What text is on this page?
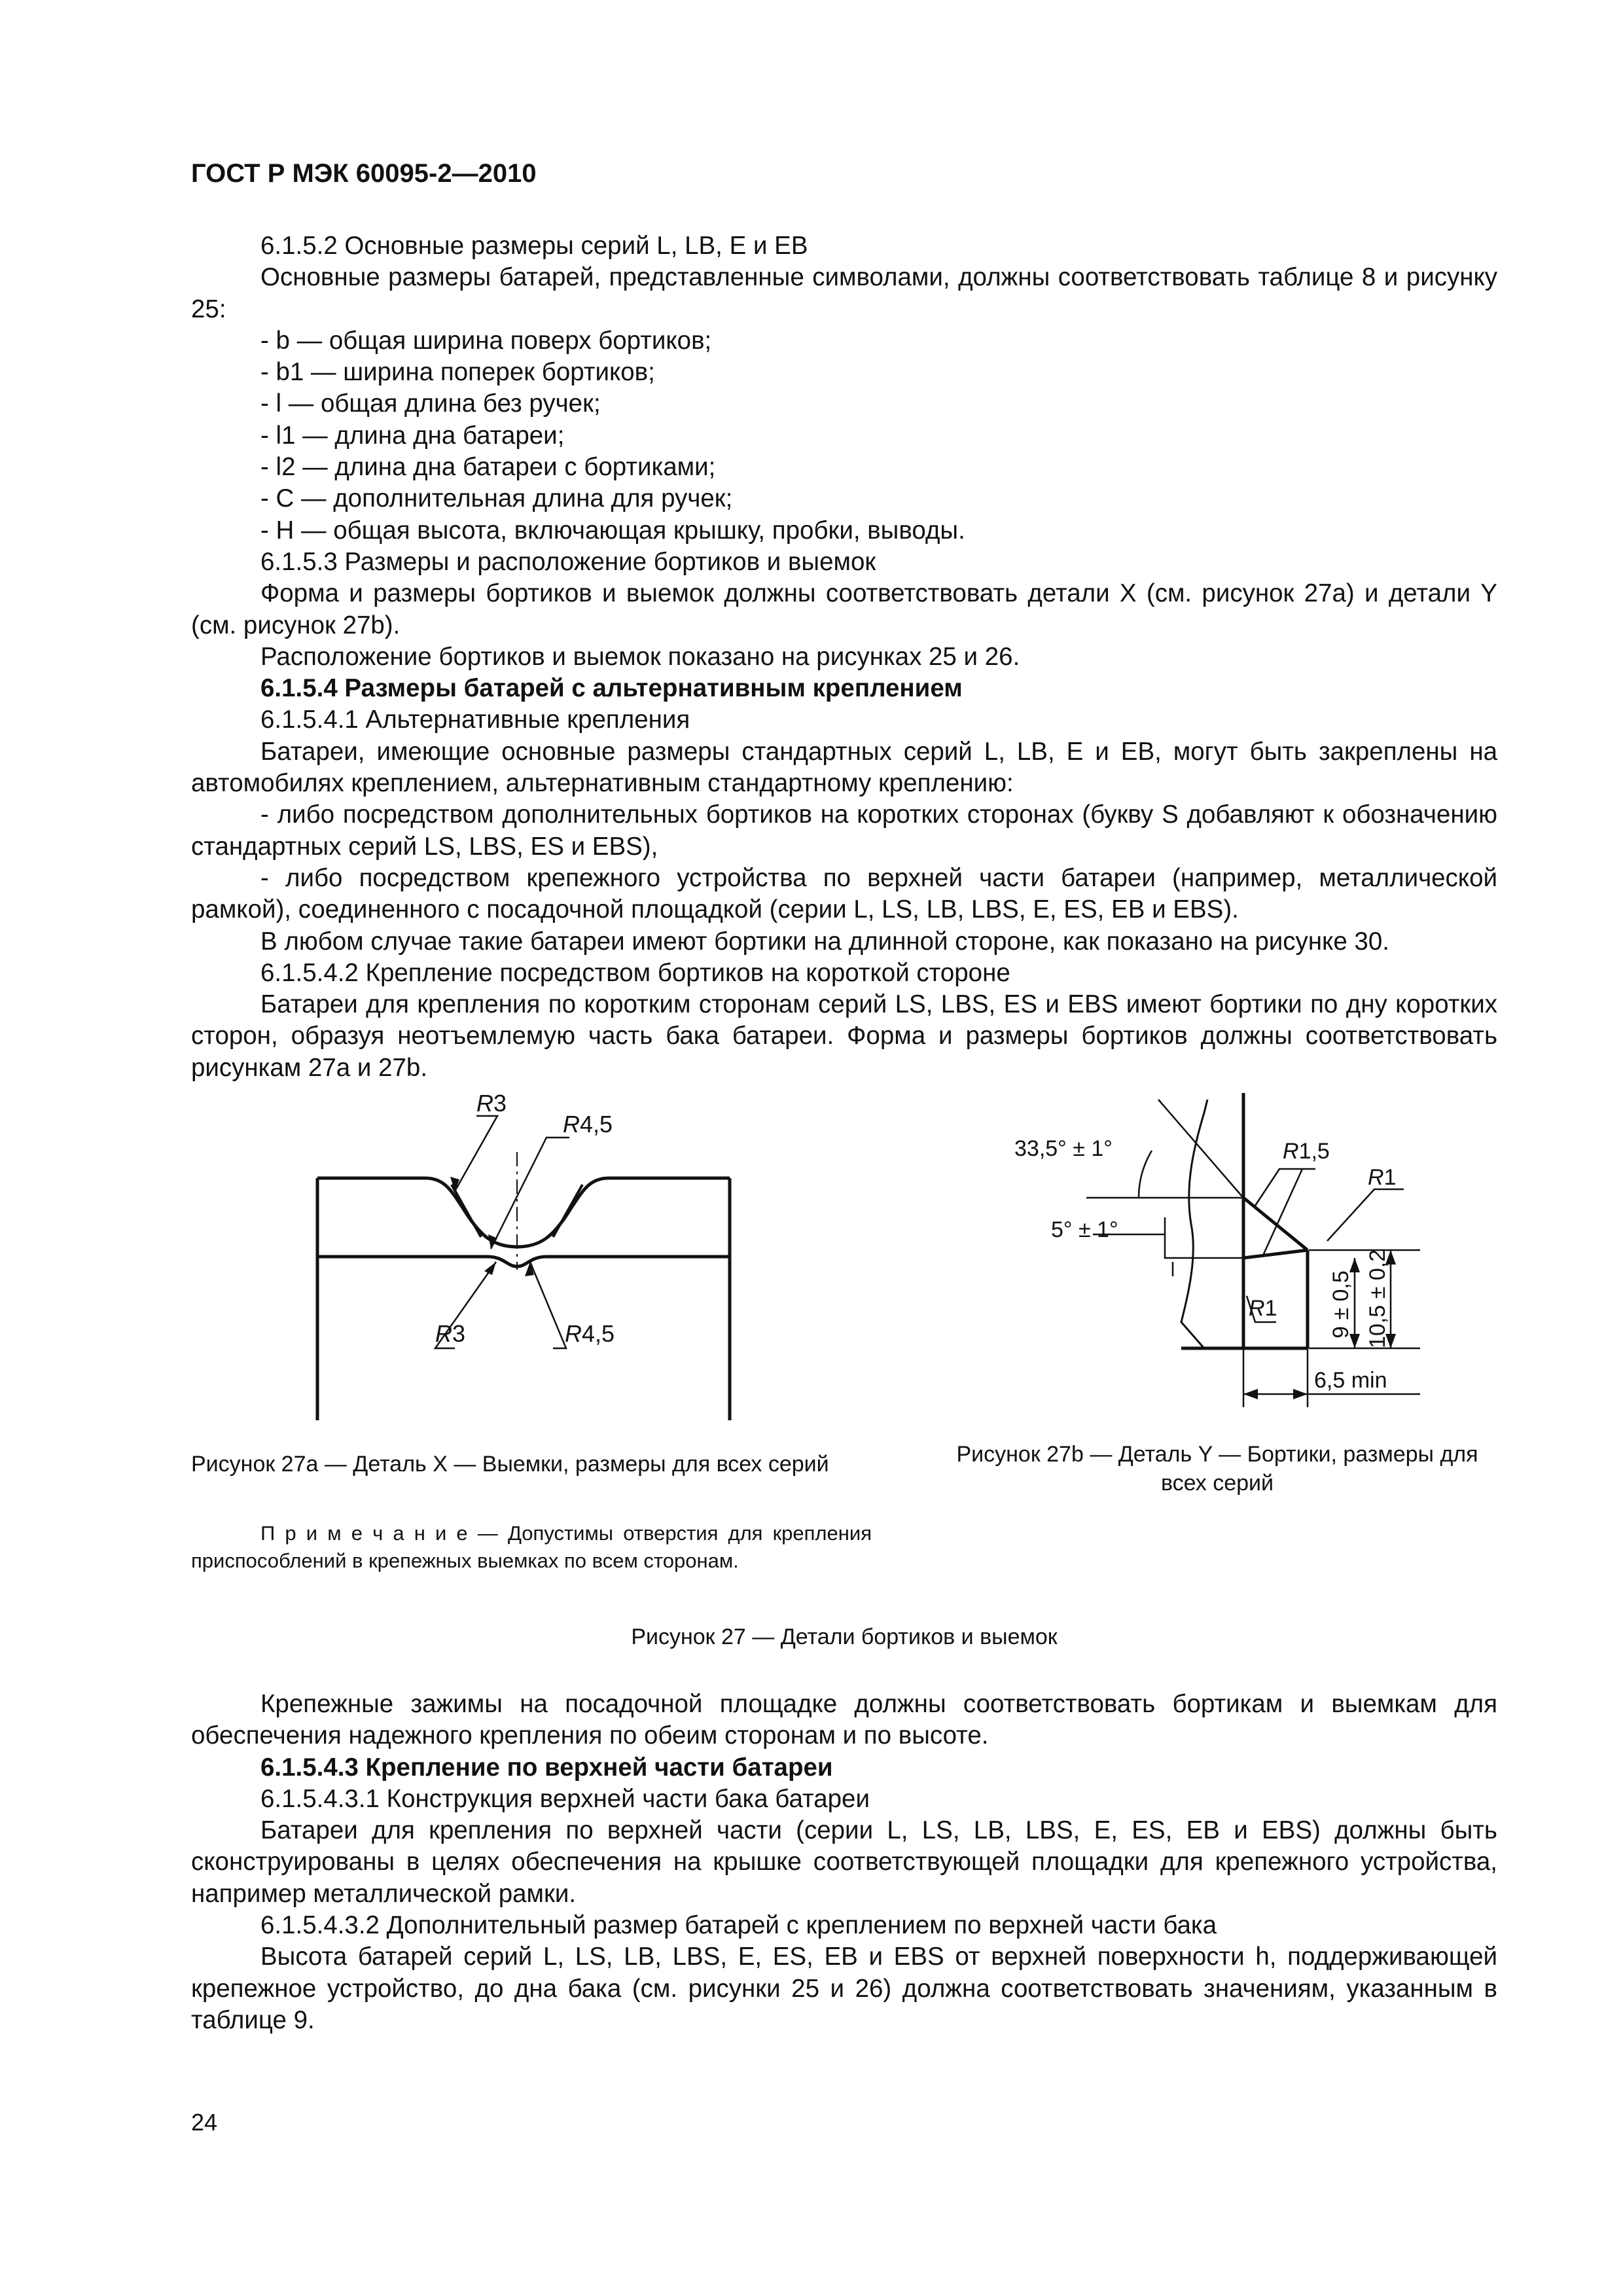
ГОСТ Р МЭК 60095-2—2010

6.1.5.2 Основные размеры серий L, LB, E и EB

Основные размеры батарей, представленные символами, должны соответствовать таблице 8 и рисунку 25:

- b — общая ширина поверх бортиков;

- b1 — ширина поперек бортиков;

- l — общая длина без ручек;

- l1 — длина дна батареи;

- l2 — длина дна батареи с бортиками;

- C — дополнительная длина для ручек;

- H — общая высота, включающая крышку, пробки, выводы.

6.1.5.3 Размеры и расположение бортиков и выемок

Форма и размеры бортиков и выемок должны соответствовать детали X (см. рисунок 27a) и детали Y (см. рисунок 27b).

Расположение бортиков и выемок показано на рисунках 25 и 26.

6.1.5.4 Размеры батарей с альтернативным креплением

6.1.5.4.1 Альтернативные крепления

Батареи, имеющие основные размеры стандартных серий L, LB, E и EB, могут быть закреплены на автомобилях креплением, альтернативным стандартному креплению:

- либо посредством дополнительных бортиков на коротких сторонах (букву S добавляют к обозначению стандартных серий LS, LBS, ES и EBS),

- либо посредством крепежного устройства по верхней части батареи (например, металлической рамкой), соединенного с посадочной площадкой (серии L, LS, LB, LBS, E, ES, EB и EBS).

В любом случае такие батареи имеют бортики на длинной стороне, как показано на рисунке 30.

6.1.5.4.2 Крепление посредством бортиков на короткой стороне

Батареи для крепления по коротким сторонам серий LS, LBS, ES и EBS имеют бортики по дну коротких сторон, образуя неотъемлемую часть бака батареи. Форма и размеры бортиков должны соответствовать рисункам 27a и 27b.

R3
R4,5
R3	R4,5
Рисунок 27a — Деталь X — Выемки, размеры для всех серий
П р и м е ч а н и е — Допустимы отверстия для крепления приспособлений в крепежных выемках по всем сторонам.
33,5° ± 1°
5° ± 1°
R1,5
R1
R1
6,5 min
9 ± 0,5 10,5 ± 0,2
Рисунок 27b — Деталь Y — Бортики, размеры для всех серий
Рисунок 27 — Детали бортиков и выемок

Крепежные зажимы на посадочной площадке должны соответствовать бортикам и выемкам для обеспечения надежного крепления по обеим сторонам и по высоте.

6.1.5.4.3 Крепление по верхней части батареи

6.1.5.4.3.1 Конструкция верхней части бака батареи

Батареи для крепления по верхней части (серии L, LS, LB, LBS, E, ES, EB и EBS) должны быть сконструированы в целях обеспечения на крышке соответствующей площадки для крепежного устройства, например металлической рамки.

6.1.5.4.3.2 Дополнительный размер батарей с креплением по верхней части бака

Высота батарей серий L, LS, LB, LBS, E, ES, EB и EBS от верхней поверхности h, поддерживающей крепежное устройство, до дна бака (см. рисунки 25 и 26) должна соответствовать значениям, указанным в таблице 9.

24
